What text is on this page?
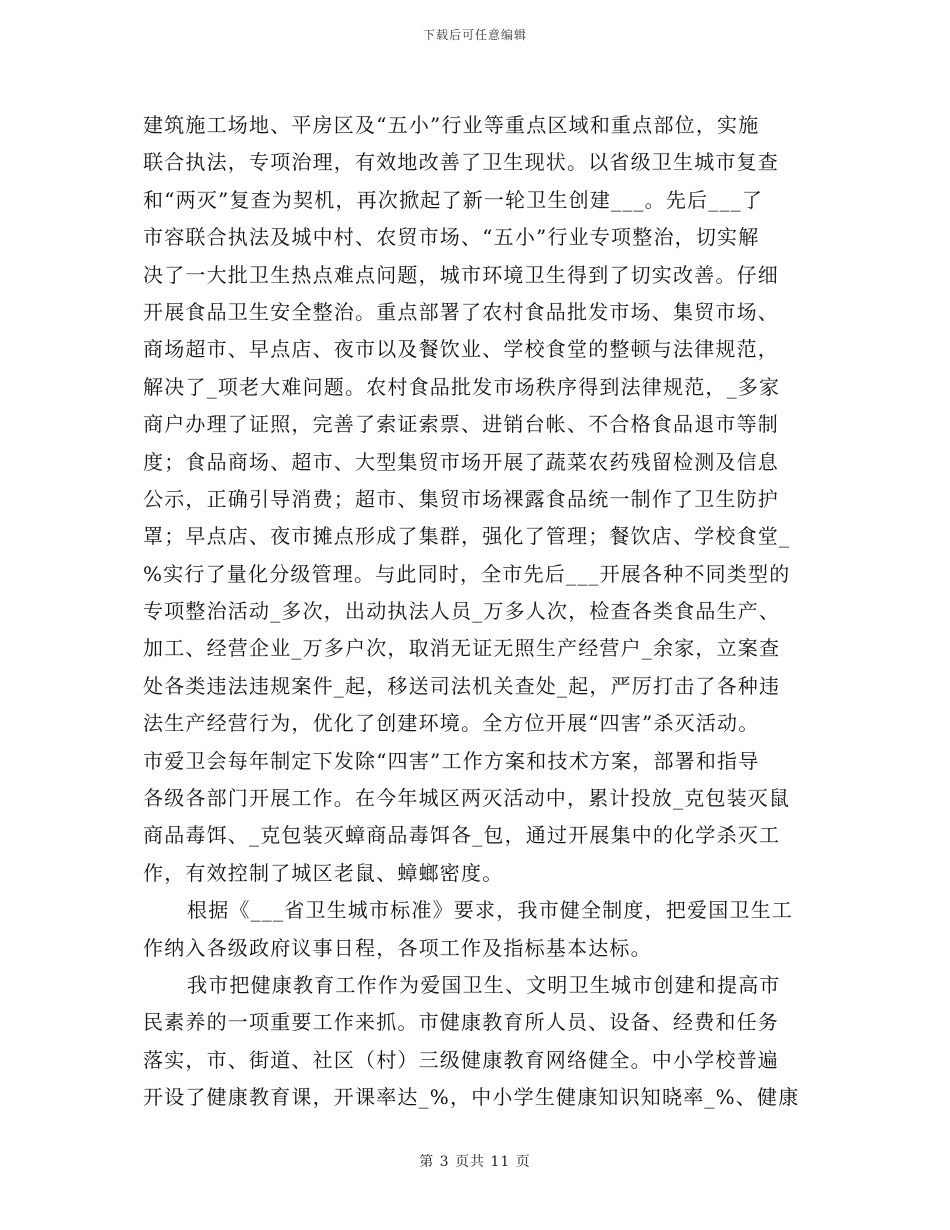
下载后可任意编辑
建筑施工场地、平房区及“五小”行业等重点区域和重点部位，实施
联合执法，专项治理，有效地改善了卫生现状。以省级卫生城市复查
和“两灭”复查为契机，再次掀起了新一轮卫生创建___。先后___了
市容联合执法及城中村、农贸市场、“五小”行业专项整治，切实解
决了一大批卫生热点难点问题，城市环境卫生得到了切实改善。仔细
开展食品卫生安全整治。重点部署了农村食品批发市场、集贸市场、
商场超市、早点店、夜市以及餐饮业、学校食堂的整顿与法律规范，
解决了_项老大难问题。农村食品批发市场秩序得到法律规范，_多家
商户办理了证照，完善了索证索票、进销台帐、不合格食品退市等制
度；食品商场、超市、大型集贸市场开展了蔬菜农药残留检测及信息
公示，正确引导消费；超市、集贸市场裸露食品统一制作了卫生防护
罩；早点店、夜市摊点形成了集群，强化了管理；餐饮店、学校食堂_
%实行了量化分级管理。与此同时，全市先后___开展各种不同类型的
专项整治活动_多次，出动执法人员_万多人次，检查各类食品生产、
加工、经营企业_万多户次，取消无证无照生产经营户_余家，立案查
处各类违法违规案件_起，移送司法机关查处_起，严厉打击了各种违
法生产经营行为，优化了创建环境。全方位开展“四害”杀灭活动。
市爱卫会每年制定下发除“四害”工作方案和技术方案，部署和指导
各级各部门开展工作。在今年城区两灭活动中，累计投放_克包装灭鼠
商品毒饵、_克包装灭蟑商品毒饵各_包，通过开展集中的化学杀灭工
作，有效控制了城区老鼠、蟑螂密度。
根据《___省卫生城市标准》要求，我市健全制度，把爱国卫生工
作纳入各级政府议事日程，各项工作及指标基本达标。
我市把健康教育工作作为爱国卫生、文明卫生城市创建和提高市
民素养的一项重要工作来抓。市健康教育所人员、设备、经费和任务
落实，市、街道、社区（村）三级健康教育网络健全。中小学校普遍
开设了健康教育课，开课率达_%，中小学生健康知识知晓率_%、健康
第 3 页共 11 页
